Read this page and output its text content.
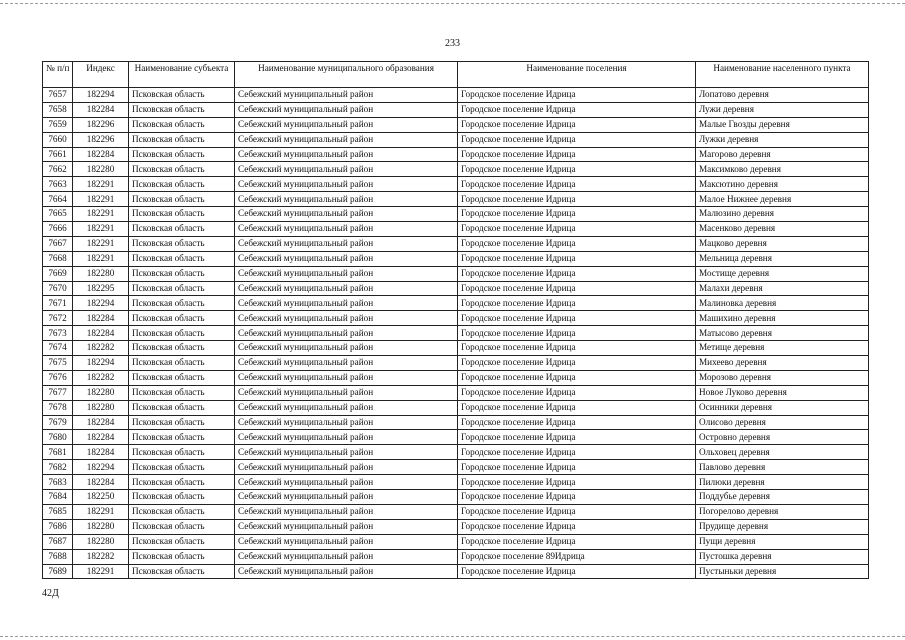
233
№ п/п	Индекс	Наименование субъекта	Наименование муниципального образования	Наименование поселения	Наименование населенного пункта
7657	182294	Псковская область	Себежский муниципальный район	Городское поселение Идрица	Лопатово деревня
7658	182284	Псковская область	Себежский муниципальный район	Городское поселение Идрица	Лужи деревня
7659	182296	Псковская область	Себежский муниципальный район	Городское поселение Идрица	Малые Гвозды деревня
7660	182296	Псковская область	Себежский муниципальный район	Городское поселение Идрица	Лужки деревня
7661	182284	Псковская область	Себежский муниципальный район	Городское поселение Идрица	Магорово деревня
7662	182280	Псковская область	Себежский муниципальный район	Городское поселение Идрица	Максимково деревня
7663	182291	Псковская область	Себежский муниципальный район	Городское поселение Идрица	Максютино деревня
7664	182291	Псковская область	Себежский муниципальный район	Городское поселение Идрица	Малое Нижнее деревня
7665	182291	Псковская область	Себежский муниципальный район	Городское поселение Идрица	Малюзино деревня
7666	182291	Псковская область	Себежский муниципальный район	Городское поселение Идрица	Масенково деревня
7667	182291	Псковская область	Себежский муниципальный район	Городское поселение Идрица	Мацково деревня
7668	182291	Псковская область	Себежский муниципальный район	Городское поселение Идрица	Мельница деревня
7669	182280	Псковская область	Себежский муниципальный район	Городское поселение Идрица	Мостище деревня
7670	182295	Псковская область	Себежский муниципальный район	Городское поселение Идрица	Малахи деревня
7671	182294	Псковская область	Себежский муниципальный район	Городское поселение Идрица	Малиновка деревня
7672	182284	Псковская область	Себежский муниципальный район	Городское поселение Идрица	Машихино деревня
7673	182284	Псковская область	Себежский муниципальный район	Городское поселение Идрица	Матысово деревня
7674	182282	Псковская область	Себежский муниципальный район	Городское поселение Идрица	Метище деревня
7675	182294	Псковская область	Себежский муниципальный район	Городское поселение Идрица	Михеево деревня
7676	182282	Псковская область	Себежский муниципальный район	Городское поселение Идрица	Морозово деревня
7677	182280	Псковская область	Себежский муниципальный район	Городское поселение Идрица	Новое Луково деревня
7678	182280	Псковская область	Себежский муниципальный район	Городское поселение Идрица	Осинники деревня
7679	182284	Псковская область	Себежский муниципальный район	Городское поселение Идрица	Олисово деревня
7680	182284	Псковская область	Себежский муниципальный район	Городское поселение Идрица	Островно деревня
7681	182284	Псковская область	Себежский муниципальный район	Городское поселение Идрица	Ольховец деревня
7682	182294	Псковская область	Себежский муниципальный район	Городское поселение Идрица	Павлово деревня
7683	182284	Псковская область	Себежский муниципальный район	Городское поселение Идрица	Пилюки деревня
7684	182250	Псковская область	Себежский муниципальный район	Городское поселение Идрица	Поддубье деревня
7685	182291	Псковская область	Себежский муниципальный район	Городское поселение Идрица	Погорелово деревня
7686	182280	Псковская область	Себежский муниципальный район	Городское поселение Идрица	Прудище деревня
7687	182280	Псковская область	Себежский муниципальный район	Городское поселение Идрица	Пущи деревня
7688	182282	Псковская область	Себежский муниципальный район	Городское поселение 89Идрица	Пустошка деревня
7689	182291	Псковская область	Себежский муниципальный район	Городское поселение Идрица	Пустыньки деревня
42Д
